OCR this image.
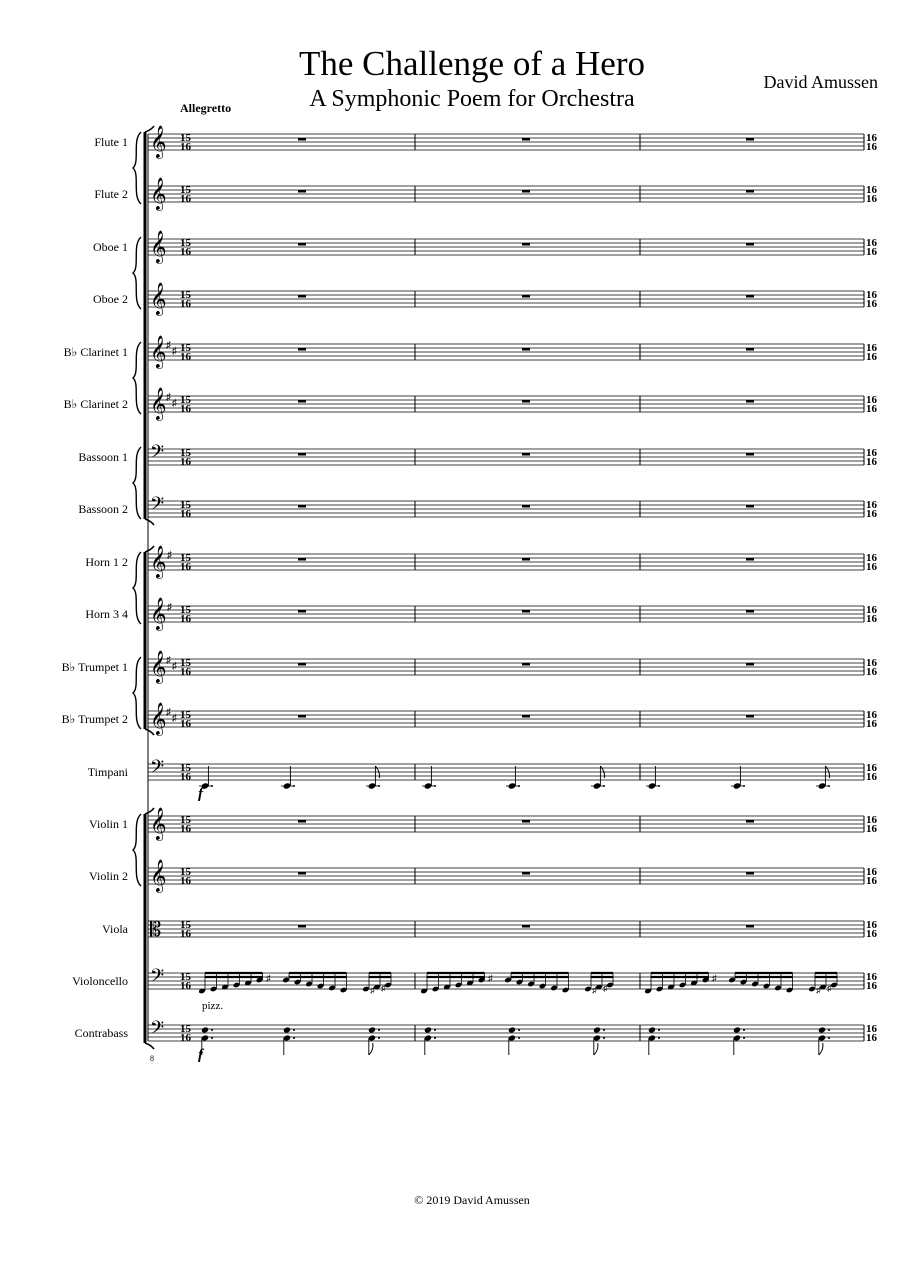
The Challenge of a Hero
A Symphonic Poem for Orchestra
David Amussen
Allegretto
© 2019 David Amussen
Flute 1
Flute 2
Oboe 1
Oboe 2
B♭ Clarinet 1
B♭ Clarinet 2
Bassoon 1
Bassoon 2
Horn 1 2
Horn 3 4
B♭ Trumpet 1
B♭ Trumpet 2
Timpani
Violin 1
Violin 2
Viola
Violoncello
Contrabass
𝄞 15
16
16
16
𝄞 15
16
16
16
𝄞 15
16
16
16
𝄞 15
16
16
16
𝄞 ♯
♯ 15
16
16
16
𝄞 ♯
♯ 15
16
16
16
𝄢 15
16
16
16
𝄢 15
16
16
16
𝄞 ♯ 15
16
16
16
𝄞 ♯ 15
16
16
16
𝄞 ♯
♯ 15
16
16
16
𝄞 ♯
♯ 15
16
16
16
𝄢 15
16
16
16
f
𝄞 15
16
16
16
𝄞 15
16
16
16
𝄡 15
16
16
16
𝄢 15
16
16
16
♯
♯ ♯
♯
♯ ♯
♯
♯ ♯
pizz.
𝄢 15
16
16
16
f
8
